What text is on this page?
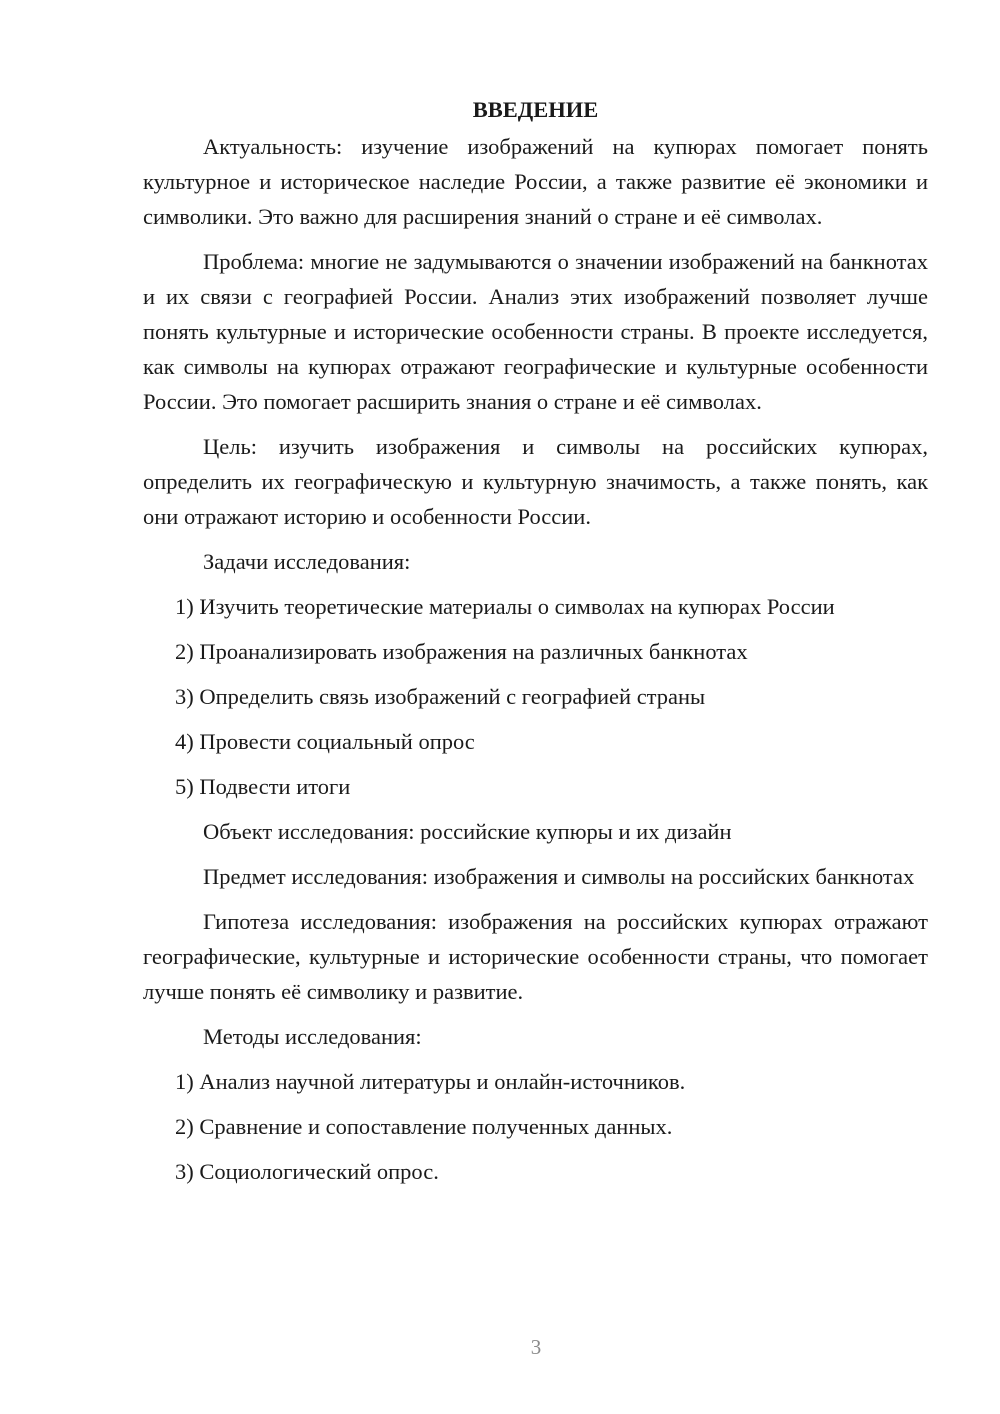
ВВЕДЕНИЕ

Актуальность: изучение изображений на купюрах помогает понять культурное и историческое наследие России, а также развитие её экономики и символики. Это важно для расширения знаний о стране и её символах.

Проблема: многие не задумываются о значении изображений на банкнотах и их связи с географией России. Анализ этих изображений позволяет лучше понять культурные и исторические особенности страны. В проекте исследуется, как символы на купюрах отражают географические и культурные особенности России. Это помогает расширить знания о стране и её символах.

Цель: изучить изображения и символы на российских купюрах, определить их географическую и культурную значимость, а также понять, как они отражают историю и особенности России.

Задачи исследования:

1) Изучить теоретические материалы о символах на купюрах России
2) Проанализировать изображения на различных банкнотах
3) Определить связь изображений с географией страны
4) Провести социальный опрос
5) Подвести итоги

Объект исследования: российские купюры и их дизайн

Предмет исследования: изображения и символы на российских банкнотах

Гипотеза исследования: изображения на российских купюрах отражают географические, культурные и исторические особенности страны, что помогает лучше понять её символику и развитие.

Методы исследования:

1) Анализ научной литературы и онлайн-источников.
2) Сравнение и сопоставление полученных данных.
3) Социологический опрос.
3
